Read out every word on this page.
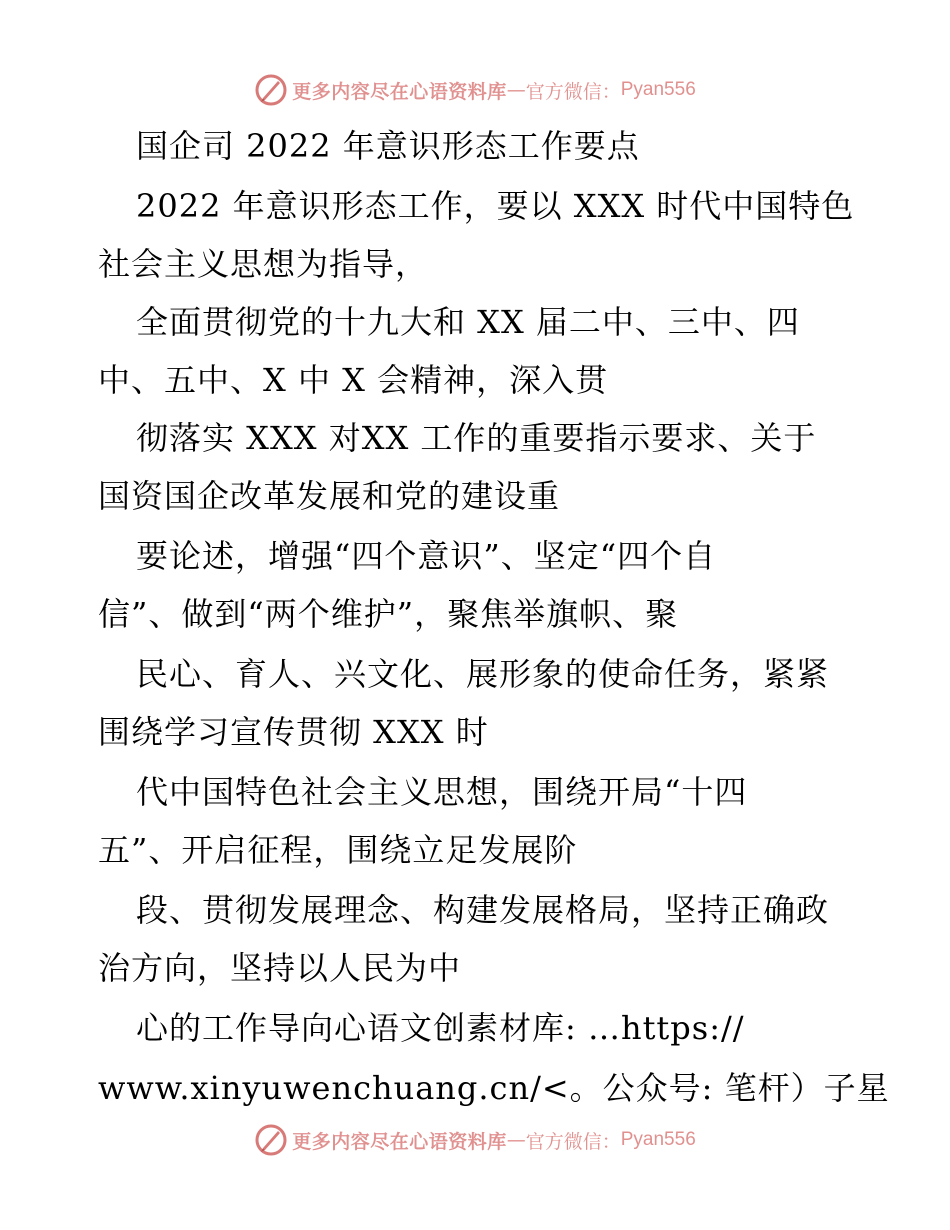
更多内容尽在心语资料库 — 官方微信： Pyan556
国企司 2022 年意识形态工作要点
2022 年意识形态工作，要以 XXX 时代中国特色
社会主义思想为指导，
全面贯彻党的十九大和 XX 届二中、三中、四
中、五中、X 中 X 会精神，深入贯
彻落实 XXX 对XX 工作的重要指示要求、关于
国资国企改革发展和党的建设重
要论述，增强“四个意识”、坚定“四个自
信”、做到“两个维护”，聚焦举旗帜、聚
民心、育人、兴文化、展形象的使命任务，紧紧
围绕学习宣传贯彻 XXX 时
代中国特色社会主义思想，围绕开局“十四
五”、开启征程，围绕立足发展阶
段、贯彻发展理念、构建发展格局，坚持正确政
治方向，坚持以人民为中
心的工作导向心语文创素材库: …https://
www.xinyuwenchuang.cn/<。公众号: 笔杆）子星
更多内容尽在心语资料库 — 官方微信： Pyan556
